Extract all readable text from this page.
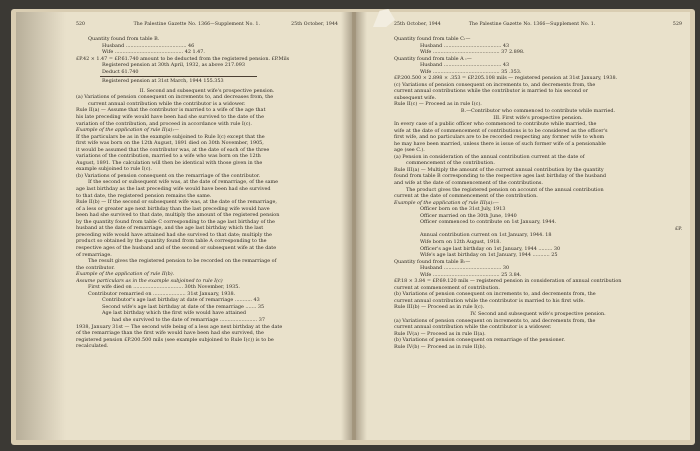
520	The Palestine Gazette No. 1366—Supplement No. 1.	25th October, 1944
Quantity found from table B.
Husband ....................................... 46
Wife ............................................ 42 1.47.
£P.42 × 1.47 = £P.61.740 amount to be deducted from the registered pension. £P.Mils
Registered pension at 30th April, 1932, as above 217.093
Deduct 61.740
Registered pension at 31st March, 1944 155.353
II. Second and subsequent wife's prospective pension.
(a) Variations of pension consequent on increments to, and decreases from, the
current annual contribution while the contributor is a widower.
Rule II(a) — Assume that the contributor is married to a wife of the age that
his late preceding wife would have been had she survived to the date of the
variation of the contribution, and proceed in accordance with rule I(c).
Example of the application of rule II(a):—
If the particulars be as in the example subjoined to Rule I(c) except that the
first wife was born on the 12th August, 1891 died on 30th November, 1905,
it would be assumed that the contributor was, at the date of each of the three
variations of the contribution, married to a wife who was born on the 12th
August, 1891. The calculation will then be identical with those given in the
example subjoined to rule I(c).
(b) Variations of pension consequent on the remarriage of the contributor.
If the second or subsequent wife was, at the date of remarriage, of the same
age last birthday as the last preceding wife would have been had she survived
to that date, the registered pension remains the same.
Rule II(b) — If the second or subsequent wife was, at the date of the remarriage,
of a less or greater age next birthday than the last preceding wife would have
been had she survived to that date, multiply the amount of the registered pension
by the quantity found from table C corresponding to the age last birthday of the
husband at the date of remarriage, and the age last birthday which the last
preceding wife would have attained had she survived to that date; multiply the
product so obtained by the quantity found from table A corresponding to the
respective ages of the husband and of the second or subsequent wife at the date
of remarriage.
The result gives the registered pension to be recorded on the remarriage of
the contributor.
Example of the application of rule II(b).
Assume particulars as in the example subjoined to rule I(c)
First wife died on ................................ 30th November, 1935.
Contributor remarried on ..................... 31st January, 1938.
Contributor's age last birthday at date of remarriage ........... 43
Second wife's age last birthday at date of the remarriage ....... 35
Age last birthday which the first wife would have attained
had she survived to the date of remarriage ........................ 37
1938, January 31st — The second wife being of a less age next birthday at the date
of the remarriage than the first wife would have been had she survived, the
registered pension £P.200.500 mils (see example subjoined to Rule I(c)) is to be
recalculated.
25th October, 1944	The Palestine Gazette No. 1366—Supplement No. 1.	529
Quantity found from table C:—
Husband ..................................... 43
Wife ........................................... 37 2.898.
Quantity found from table A :—
Husband ..................................... 43
Wife ........................................... 35 .353.
£P.200.500 × 2.898 × .353 = £P.205.108 mils — registered pension at 31st January, 1938.
(c) Variations of pension consequent on increments to, and decrements from, the
current annual contributions while the contributor is married to his second or
subsequent wife.
Rule II(c) — Proceed as in rule I(c).
B.—Contributor who commenced to contribute while married.
III. First wife's prospective pension.
In every case of a public officer who commenced to contribute while married, the
wife at the date of commencement of contributions is to be considered as the officer's
first wife, and no particulars are to be recorded respecting any former wife to whom
he may have been married, unless there is issue of such former wife of a pensionable
age (see C.).
(a) Pension in consideration of the annual contribution current at the date of
commencement of the contribution.
Rule III(a) — Multiply the amount of the current annual contribution by the quantity
found from table B corresponding to the respective ages last birthday of the husband
and wife at the date of commencement of the contributions.
The product gives the registered pension on account of the annual contribution
current at the date of commencement of the contribution.
Example of the application of rule III(a):—
Officer born on the 31st July, 1913
Officer married on the 30th June, 1940
Officer commenced to contribute on 1st January, 1944.
£P.
Annual contribution current on 1st January, 1944. 18
Wife born on 12th August, 1918.
Officer's age last birthday on 1st January, 1944 ......... 30
Wife's age last birthday on 1st January, 1944 ........... 25
Quantity found from table B:—
Husband ..................................... 30
Wife ........................................... 25 3.84.
£P.18 × 3.84 = £P.69.120 mils — registered pension in consideration of annual contribution
current at commencement of contribution.
(b) Variations of pension consequent on increments to, and decrements from, the
current annual contribution while the contributor is married to his first wife.
Rule III(b) — Proceed as in rule I(c).
IV. Second and subsequent wife's prospective pension.
(a) Variations of pension consequent on increments to, and decrements from, the
current annual contribution while the contributor is a widower.
Rule IV(a) — Proceed as in rule II(a).
(b) Variations of pension consequent on remarriage of the pensioner.
Rule IV(b) — Proceed as in rule II(b).
